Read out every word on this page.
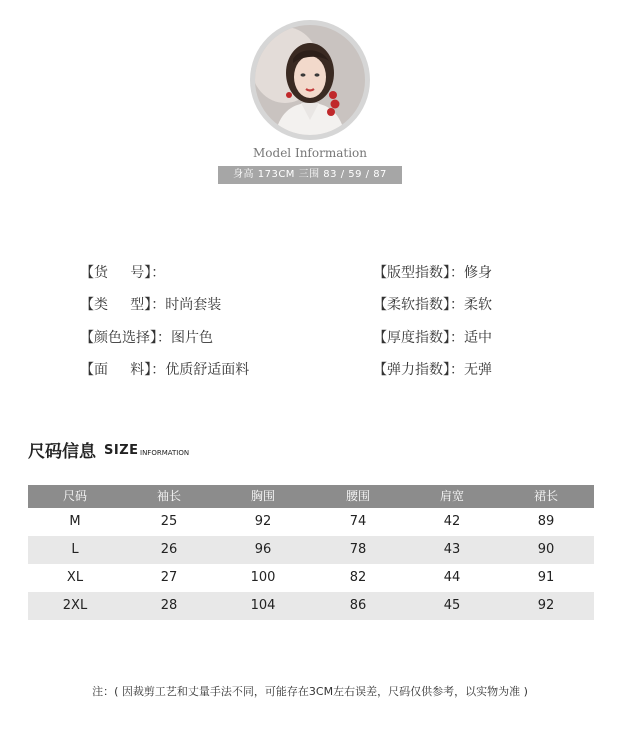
Model Information
身高 173CM 三围 83 / 59 / 87
【货     号】：
【类     型】：时尚套装
【颜色选择】：图片色
【面     料】：优质舒适面料
【版型指数】：修身
【柔软指数】：柔软
【厚度指数】：适中
【弹力指数】：无弹
尺码信息 SIZE INFORMATION
尺码	袖长	胸围	腰围	肩宽	裙长
M	25	92	74	42	89
L	26	96	78	43	90
XL	27	100	82	44	91
2XL	28	104	86	45	92
注：( 因裁剪工艺和丈量手法不同，可能存在3CM左右误差，尺码仅供参考，以实物为准 )
